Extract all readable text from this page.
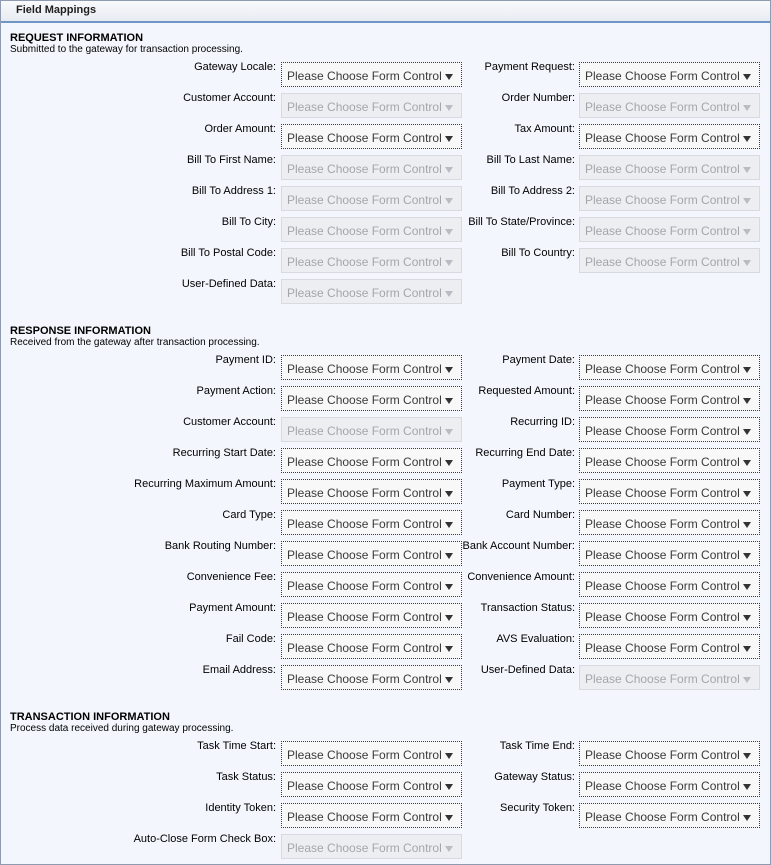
Field Mappings
REQUEST INFORMATION
Submitted to the gateway for transaction processing.
Gateway Locale:
Please Choose Form Control
Payment Request:
Please Choose Form Control
Customer Account:
Please Choose Form Control
Order Number:
Please Choose Form Control
Order Amount:
Please Choose Form Control
Tax Amount:
Please Choose Form Control
Bill To First Name:
Please Choose Form Control
Bill To Last Name:
Please Choose Form Control
Bill To Address 1:
Please Choose Form Control
Bill To Address 2:
Please Choose Form Control
Bill To City:
Please Choose Form Control
Bill To State/Province:
Please Choose Form Control
Bill To Postal Code:
Please Choose Form Control
Bill To Country:
Please Choose Form Control
User-Defined Data:
Please Choose Form Control
RESPONSE INFORMATION
Received from the gateway after transaction processing.
Payment ID:
Please Choose Form Control
Payment Date:
Please Choose Form Control
Payment Action:
Please Choose Form Control
Requested Amount:
Please Choose Form Control
Customer Account:
Please Choose Form Control
Recurring ID:
Please Choose Form Control
Recurring Start Date:
Please Choose Form Control
Recurring End Date:
Please Choose Form Control
Recurring Maximum Amount:
Please Choose Form Control
Payment Type:
Please Choose Form Control
Card Type:
Please Choose Form Control
Card Number:
Please Choose Form Control
Bank Routing Number:
Please Choose Form Control
Bank Account Number:
Please Choose Form Control
Convenience Fee:
Please Choose Form Control
Convenience Amount:
Please Choose Form Control
Payment Amount:
Please Choose Form Control
Transaction Status:
Please Choose Form Control
Fail Code:
Please Choose Form Control
AVS Evaluation:
Please Choose Form Control
Email Address:
Please Choose Form Control
User-Defined Data:
Please Choose Form Control
TRANSACTION INFORMATION
Process data received during gateway processing.
Task Time Start:
Please Choose Form Control
Task Time End:
Please Choose Form Control
Task Status:
Please Choose Form Control
Gateway Status:
Please Choose Form Control
Identity Token:
Please Choose Form Control
Security Token:
Please Choose Form Control
Auto-Close Form Check Box:
Please Choose Form Control
